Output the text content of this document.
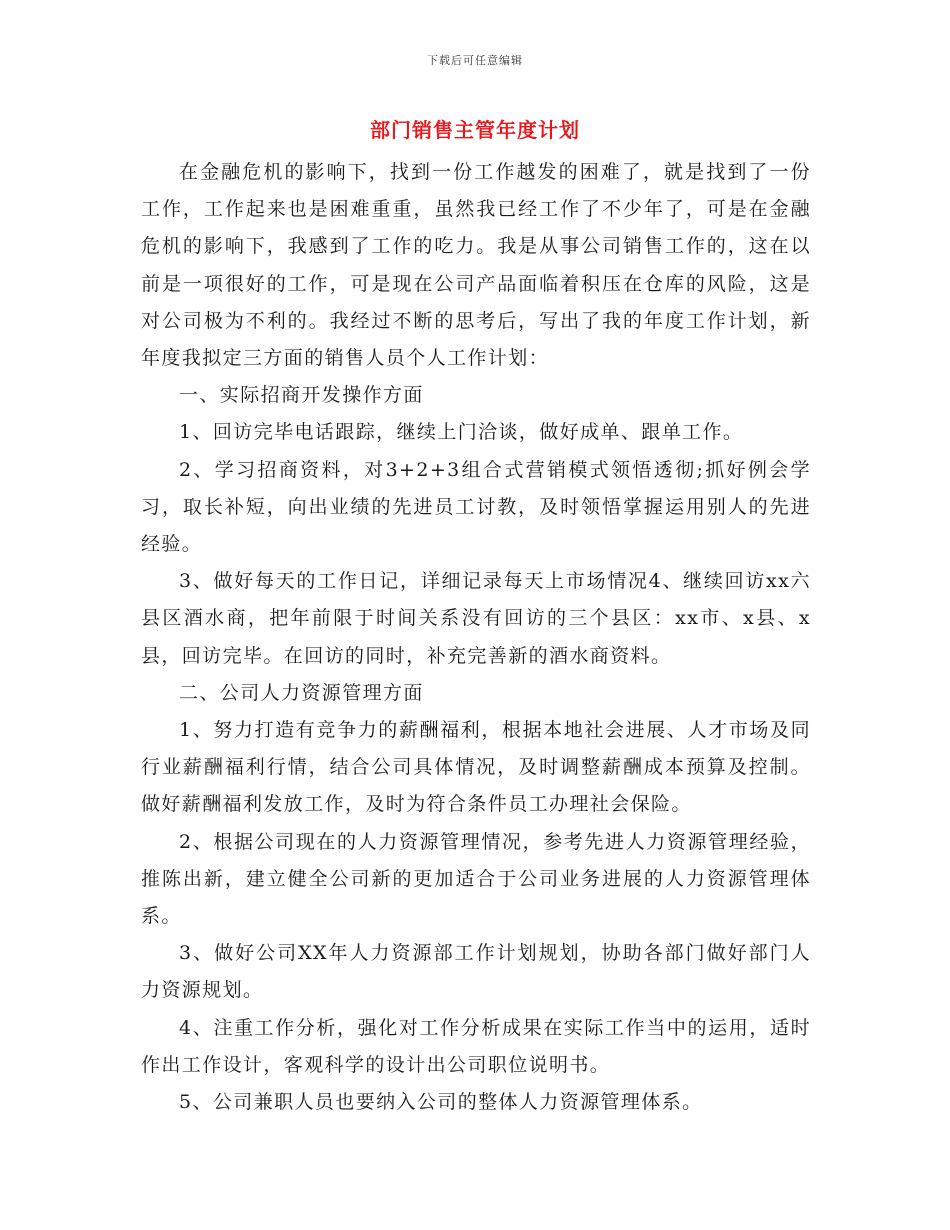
下载后可任意编辑
部门销售主管年度计划

在金融危机的影响下，找到一份工作越发的困难了，就是找到了一份工作，工作起来也是困难重重，虽然我已经工作了不少年了，可是在金融危机的影响下，我感到了工作的吃力。我是从事公司销售工作的，这在以前是一项很好的工作，可是现在公司产品面临着积压在仓库的风险，这是对公司极为不利的。我经过不断的思考后，写出了我的年度工作计划，新年度我拟定三方面的销售人员个人工作计划：

一、实际招商开发操作方面

1、回访完毕电话跟踪，继续上门洽谈，做好成单、跟单工作。

2、学习招商资料，对3+2+3组合式营销模式领悟透彻;抓好例会学习，取长补短，向出业绩的先进员工讨教，及时领悟掌握运用别人的先进经验。

3、做好每天的工作日记，详细记录每天上市场情况4、继续回访xx六县区酒水商，把年前限于时间关系没有回访的三个县区：xx市、x县、x县，回访完毕。在回访的同时，补充完善新的酒水商资料。

二、公司人力资源管理方面

1、努力打造有竞争力的薪酬福利，根据本地社会进展、人才市场及同行业薪酬福利行情，结合公司具体情况，及时调整薪酬成本预算及控制。做好薪酬福利发放工作，及时为符合条件员工办理社会保险。

2、根据公司现在的人力资源管理情况，参考先进人力资源管理经验，推陈出新，建立健全公司新的更加适合于公司业务进展的人力资源管理体系。

3、做好公司XX年人力资源部工作计划规划，协助各部门做好部门人力资源规划。

4、注重工作分析，强化对工作分析成果在实际工作当中的运用，适时作出工作设计，客观科学的设计出公司职位说明书。

5、公司兼职人员也要纳入公司的整体人力资源管理体系。
